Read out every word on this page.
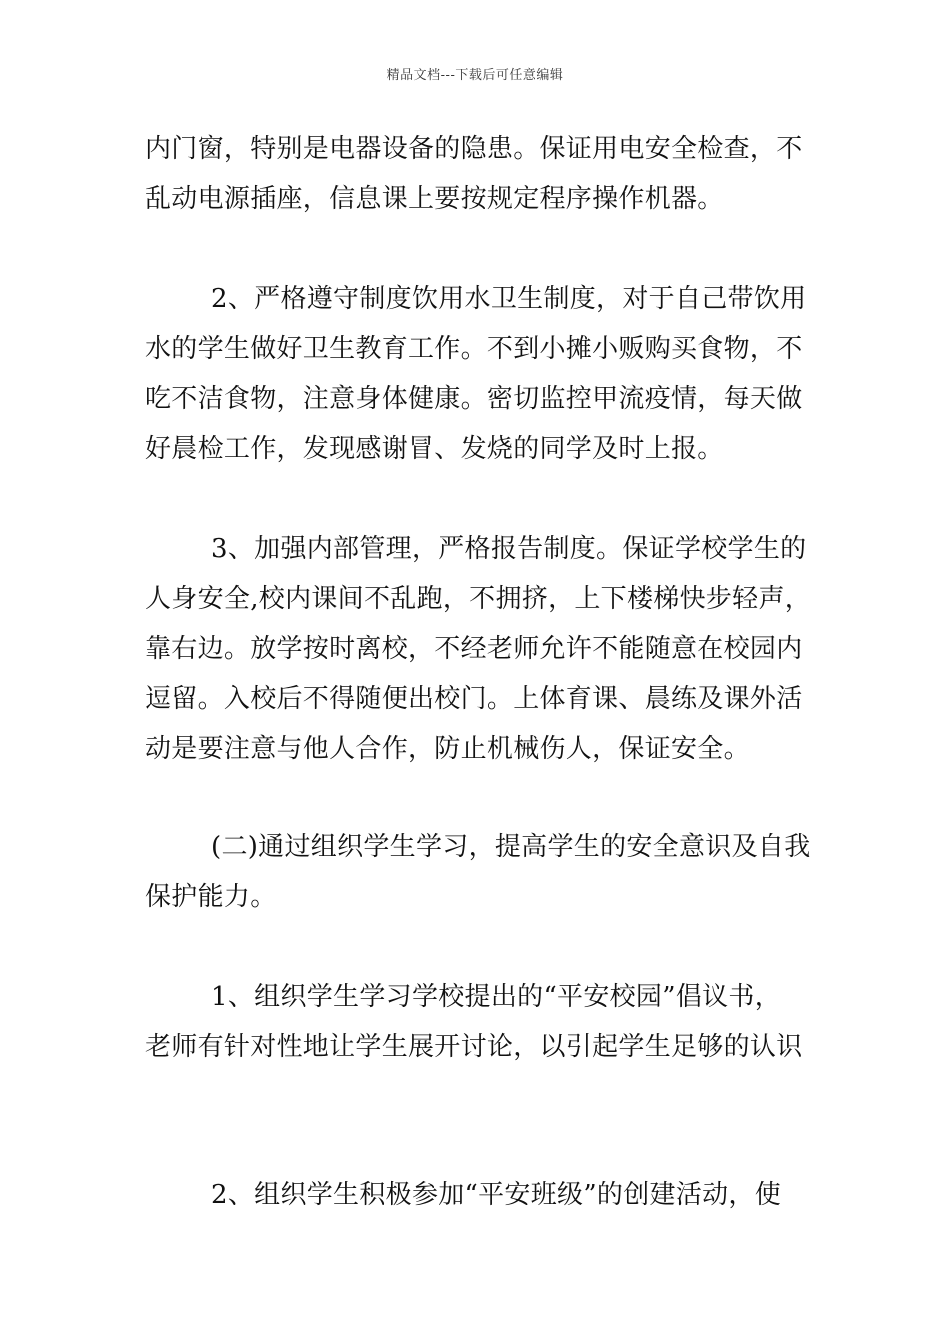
精品文档---下载后可任意编辑
内门窗，特别是电器设备的隐患。保证用电安全检查，不
乱动电源插座，信息课上要按规定程序操作机器。
2、严格遵守制度饮用水卫生制度，对于自己带饮用
水的学生做好卫生教育工作。不到小摊小贩购买食物，不
吃不洁食物，注意身体健康。密切监控甲流疫情，每天做
好晨检工作，发现感谢冒、发烧的同学及时上报。
3、加强内部管理，严格报告制度。保证学校学生的
人身安全,校内课间不乱跑，不拥挤，上下楼梯快步轻声，
靠右边。放学按时离校，不经老师允许不能随意在校园内
逗留。入校后不得随便出校门。上体育课、晨练及课外活
动是要注意与他人合作，防止机械伤人，保证安全。
(二)通过组织学生学习，提高学生的安全意识及自我
保护能力。
1、组织学生学习学校提出的“平安校园”倡议书，
老师有针对性地让学生展开讨论，以引起学生足够的认识
2、组织学生积极参加“平安班级”的创建活动，使
